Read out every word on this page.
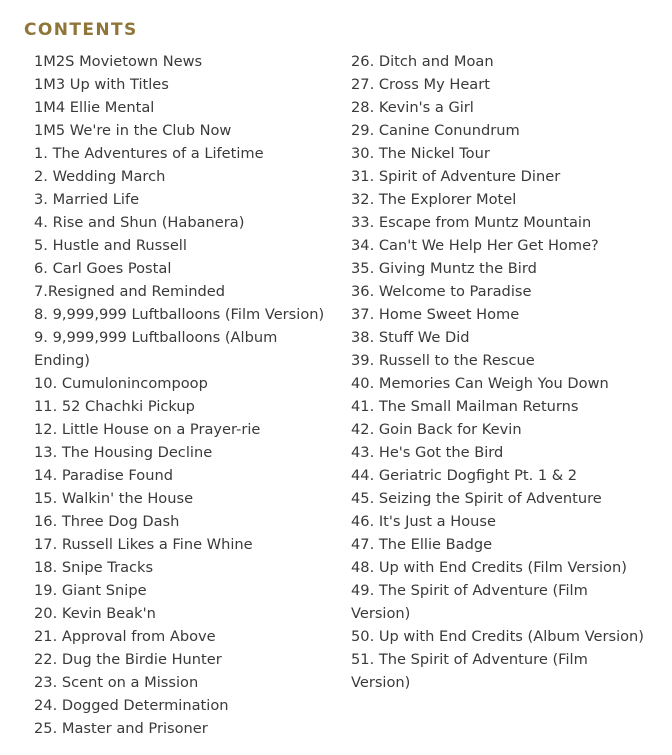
CONTENTS
1M2S Movietown News
1M3 Up with Titles
1M4 Ellie Mental
1M5 We're in the Club Now
1. The Adventures of a Lifetime
2. Wedding March
3. Married Life
4. Rise and Shun (Habanera)
5. Hustle and Russell
6. Carl Goes Postal
7.Resigned and Reminded
8. 9,999,999 Luftballoons (Film Version)
9. 9,999,999 Luftballoons (Album Ending)
10. Cumulonincompoop
11. 52 Chachki Pickup
12. Little House on a Prayer-rie
13. The Housing Decline
14. Paradise Found
15. Walkin' the House
16. Three Dog Dash
17. Russell Likes a Fine Whine
18. Snipe Tracks
19. Giant Snipe
20. Kevin Beak'n
21. Approval from Above
22. Dug the Birdie Hunter
23. Scent on a Mission
24. Dogged Determination
25. Master and Prisoner
26. Ditch and Moan
27. Cross My Heart
28. Kevin's a Girl
29. Canine Conundrum
30. The Nickel Tour
31. Spirit of Adventure Diner
32. The Explorer Motel
33. Escape from Muntz Mountain
34. Can't We Help Her Get Home?
35. Giving Muntz the Bird
36. Welcome to Paradise
37. Home Sweet Home
38. Stuff We Did
39. Russell to the Rescue
40. Memories Can Weigh You Down
41. The Small Mailman Returns
42. Goin Back for Kevin
43. He's Got the Bird
44. Geriatric Dogfight Pt. 1 & 2
45. Seizing the Spirit of Adventure
46. It's Just a House
47. The Ellie Badge
48. Up with End Credits (Film Version)
49. The Spirit of Adventure (Film Version)
50. Up with End Credits (Album Version)
51. The Spirit of Adventure (Film Version)
